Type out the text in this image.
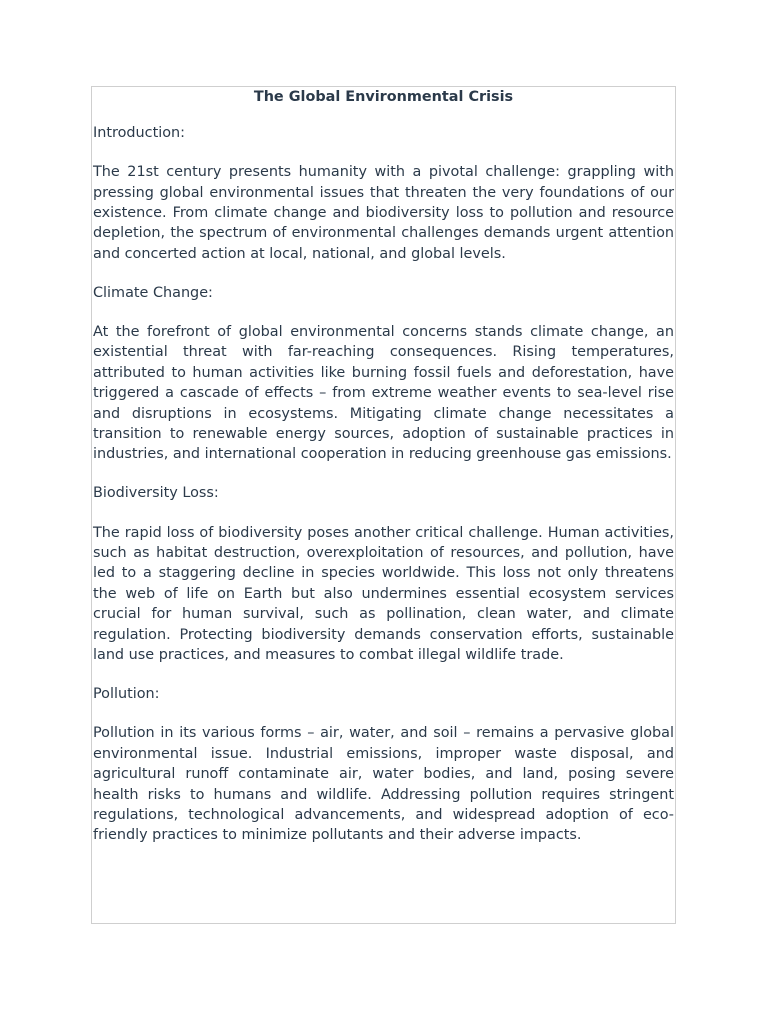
The Global Environmental Crisis
Introduction:
The 21st century presents humanity with a pivotal challenge: grappling with pressing global environmental issues that threaten the very foundations of our existence. From climate change and biodiversity loss to pollution and resource depletion, the spectrum of environmental challenges demands urgent attention and concerted action at local, national, and global levels.
Climate Change:
At the forefront of global environmental concerns stands climate change, an existential threat with far-reaching consequences. Rising temperatures, attributed to human activities like burning fossil fuels and deforestation, have triggered a cascade of effects – from extreme weather events to sea-level rise and disruptions in ecosystems. Mitigating climate change necessitates a transition to renewable energy sources, adoption of sustainable practices in industries, and international cooperation in reducing greenhouse gas emissions.
Biodiversity Loss:
The rapid loss of biodiversity poses another critical challenge. Human activities, such as habitat destruction, overexploitation of resources, and pollution, have led to a staggering decline in species worldwide. This loss not only threatens the web of life on Earth but also undermines essential ecosystem services crucial for human survival, such as pollination, clean water, and climate regulation. Protecting biodiversity demands conservation efforts, sustainable land use practices, and measures to combat illegal wildlife trade.
Pollution:
Pollution in its various forms – air, water, and soil – remains a pervasive global environmental issue. Industrial emissions, improper waste disposal, and agricultural runoff contaminate air, water bodies, and land, posing severe health risks to humans and wildlife. Addressing pollution requires stringent regulations, technological advancements, and widespread adoption of eco-friendly practices to minimize pollutants and their adverse impacts.
